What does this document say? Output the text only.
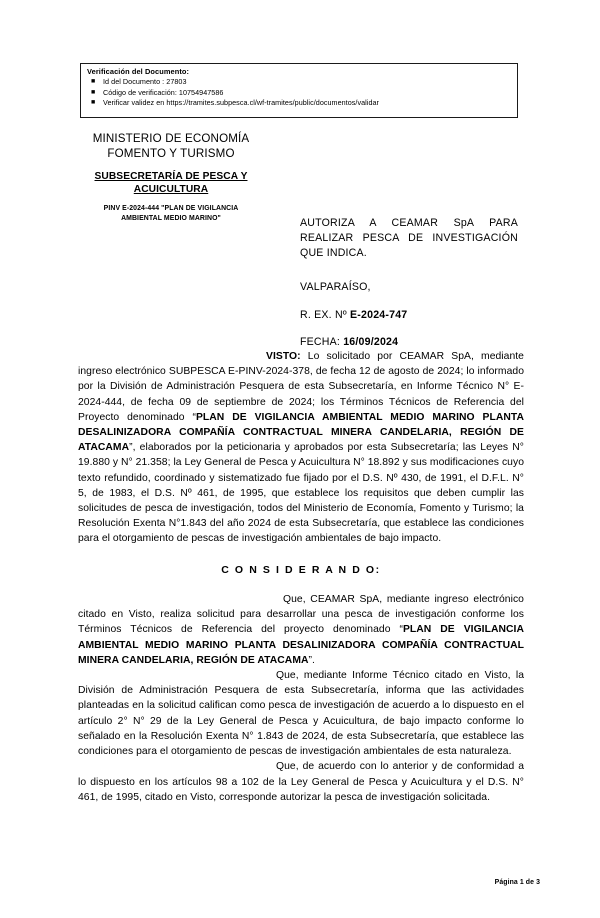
Verificación del Documento:
■ Id del Documento : 27803
■ Código de verificación: 10754947586
■ Verificar validez en https://tramites.subpesca.cl/wf-tramites/public/documentos/validar
MINISTERIO DE ECONOMÍA
FOMENTO Y TURISMO
SUBSECRETARÍA DE PESCA Y
ACUICULTURA
PINV E-2024-444 "PLAN DE VIGILANCIA
AMBIENTAL MEDIO MARINO"	AUTORIZA A CEAMAR SpA PARA REALIZAR PESCA DE INVESTIGACIÓN QUE INDICA.
VALPARAÍSO,
R. EX. Nº E-2024-747
FECHA: 16/09/2024

VISTO: Lo solicitado por CEAMAR SpA, mediante ingreso electrónico SUBPESCA E-PINV-2024-378, de fecha 12 de agosto de 2024; lo informado por la División de Administración Pesquera de esta Subsecretaría, en Informe Técnico N° E-2024-444, de fecha 09 de septiembre de 2024; los Términos Técnicos de Referencia del Proyecto denominado “PLAN DE VIGILANCIA AMBIENTAL MEDIO MARINO PLANTA DESALINIZADORA COMPAÑÍA CONTRACTUAL MINERA CANDELARIA, REGIÓN DE ATACAMA”, elaborados por la peticionaria y aprobados por esta Subsecretaría; las Leyes N° 19.880 y N° 21.358; la Ley General de Pesca y Acuicultura N° 18.892 y sus modificaciones cuyo texto refundido, coordinado y sistematizado fue fijado por el D.S. Nº 430, de 1991, el D.F.L. N° 5, de 1983, el D.S. Nº 461, de 1995, que establece los requisitos que deben cumplir las solicitudes de pesca de investigación, todos del Ministerio de Economía, Fomento y Turismo; la Resolución Exenta N°1.843 del año 2024 de esta Subsecretaría, que establece las condiciones para el otorgamiento de pescas de investigación ambientales de bajo impacto.

C O N S I D E R A N D O:

Que, CEAMAR SpA, mediante ingreso electrónico citado en Visto, realiza solicitud para desarrollar una pesca de investigación conforme los Términos Técnicos de Referencia del proyecto denominado “PLAN DE VIGILANCIA AMBIENTAL MEDIO MARINO PLANTA DESALINIZADORA COMPAÑÍA CONTRACTUAL MINERA CANDELARIA, REGIÓN DE ATACAMA”.

Que, mediante Informe Técnico citado en Visto, la División de Administración Pesquera de esta Subsecretaría, informa que las actividades planteadas en la solicitud califican como pesca de investigación de acuerdo a lo dispuesto en el artículo 2° N° 29 de la Ley General de Pesca y Acuicultura, de bajo impacto conforme lo señalado en la Resolución Exenta N° 1.843 de 2024, de esta Subsecretaría, que establece las condiciones para el otorgamiento de pescas de investigación ambientales de esta naturaleza.

Que, de acuerdo con lo anterior y de conformidad a lo dispuesto en los artículos 98 a 102 de la Ley General de Pesca y Acuicultura y el D.S. N° 461, de 1995, citado en Visto, corresponde autorizar la pesca de investigación solicitada.

Página 1 de 3
